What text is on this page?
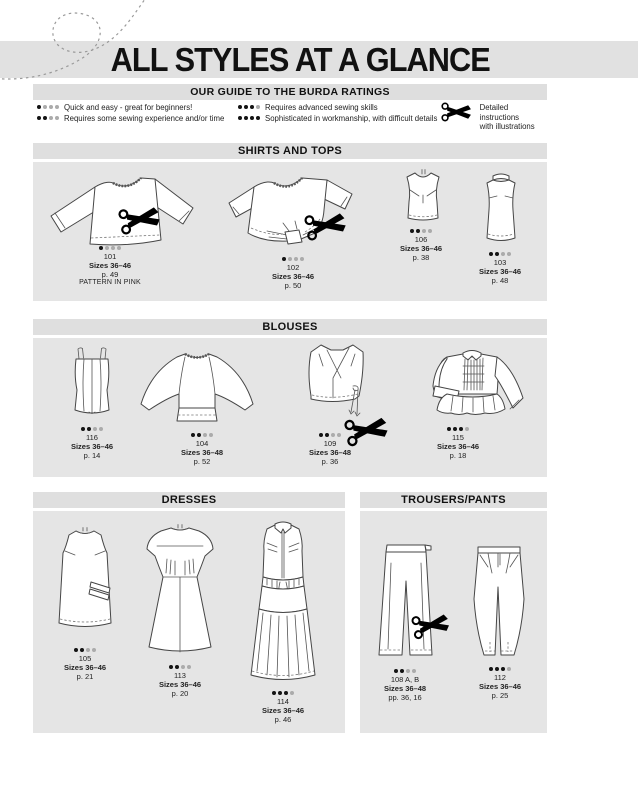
ALL STYLES AT A GLANCE
OUR GUIDE TO THE BURDA RATINGS
Quick and easy - great for beginners!
Requires some sewing experience and/or time
Requires advanced sewing skills
Sophisticated in workmanship, with difficult details
Detailed instructions
with illustrations
SHIRTS AND TOPS
101
Sizes 36–46
p. 49
PATTERN IN PINK
102
Sizes 36–46
p. 50
106
Sizes 36–46
p. 38
103
Sizes 36–46
p. 48
BLOUSES
116
Sizes 36–46
p. 14
104
Sizes 36–48
p. 52
109
Sizes 36–48
p. 36
115
Sizes 36–46
p. 18
DRESSES
105
Sizes 36–46
p. 21	113
Sizes 36–46
p. 20
114
Sizes 36–46
p. 46
TROUSERS/PANTS
108 A, B
Sizes 36–48
pp. 36, 16
112
Sizes 36–46
p. 25
